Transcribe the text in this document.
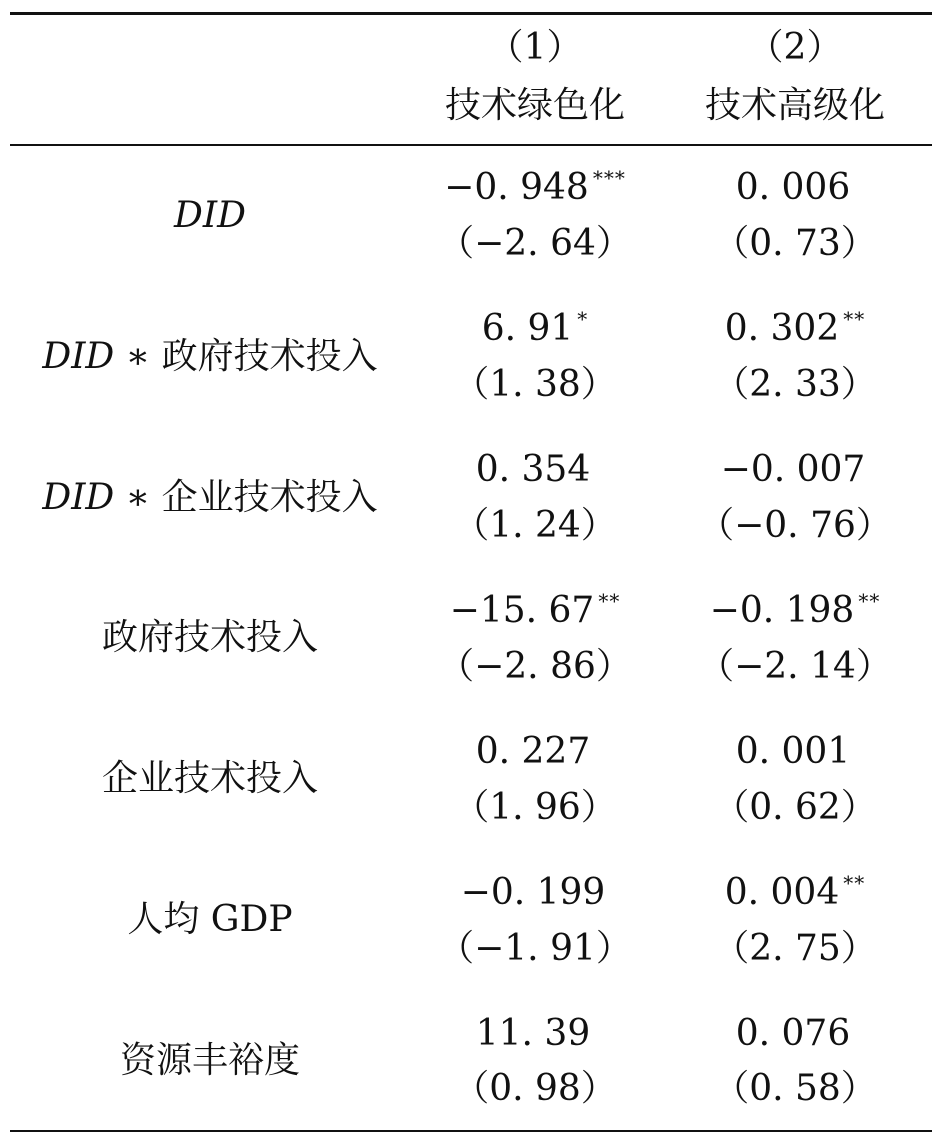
（1）
技术绿色化
（2）
技术高级化
DID
−0. 948 ***
（−2. 64）
0. 006
（0. 73）
DID ∗ 政府技术投入
6. 91 *
（1. 38）
0. 302 **
（2. 33）
DID ∗ 企业技术投入
0. 354
（1. 24）
−0. 007
（−0. 76）
政府技术投入
−15. 67 **
（−2. 86）
−0. 198 **
（−2. 14）
企业技术投入
0. 227
（1. 96）
0. 001
（0. 62）
人均 GDP
−0. 199
（−1. 91）
0. 004 **
（2. 75）
资源丰裕度
11. 39
（0. 98）
0. 076
（0. 58）
